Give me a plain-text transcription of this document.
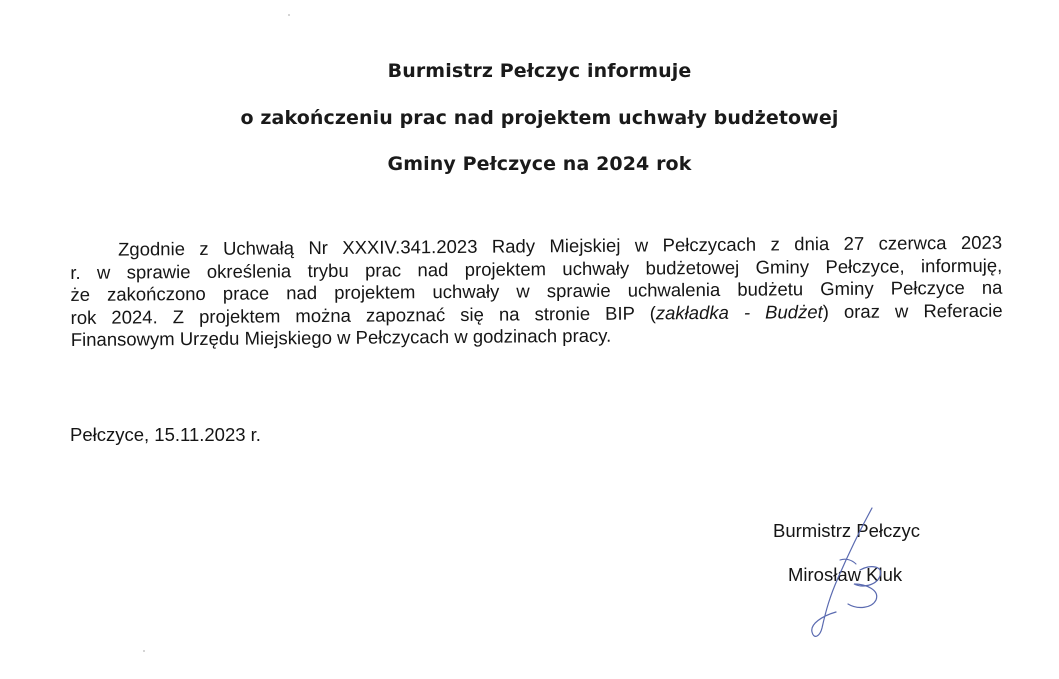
Burmistrz Pełczyc informuje
o zakończeniu prac nad projektem uchwały budżetowej
Gminy Pełczyce na 2024 rok
Zgodnie z Uchwałą Nr XXXIV.341.2023 Rady Miejskiej w Pełczycach z dnia 27 czerwca 2023
r. w sprawie określenia trybu prac nad projektem uchwały budżetowej Gminy Pełczyce, informuję,
że zakończono prace nad projektem uchwały w sprawie uchwalenia budżetu Gminy Pełczyce na
rok 2024. Z projektem można zapoznać się na stronie BIP (zakładka - Budżet) oraz w Referacie
Finansowym Urzędu Miejskiego w Pełczycach w godzinach pracy.
Pełczyce, 15.11.2023 r.
Burmistrz Pełczyc
Mirosław Kluk
